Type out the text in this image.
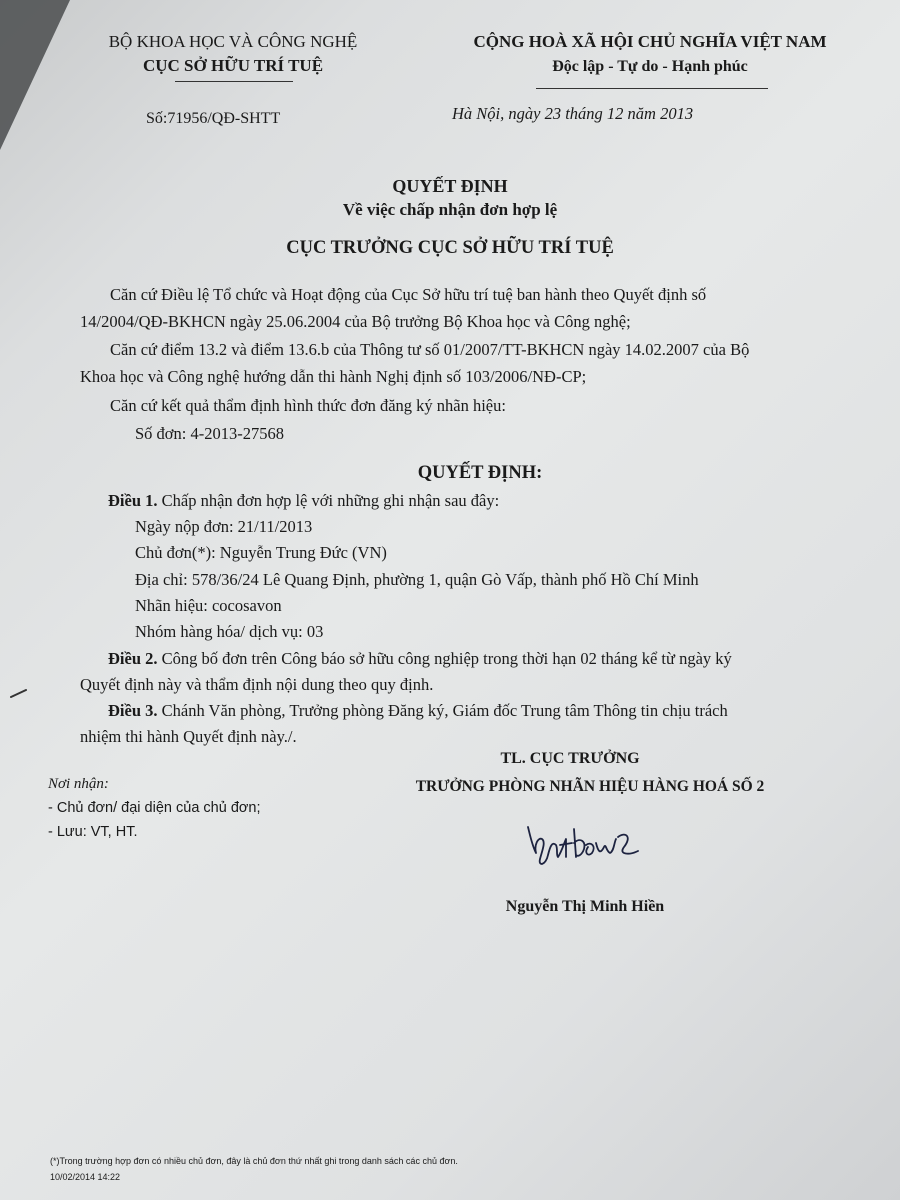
BỘ KHOA HỌC VÀ CÔNG NGHỆ
CỤC SỞ HỮU TRÍ TUỆ
Số:71956/QĐ-SHTT
CỘNG HOÀ XÃ HỘI CHỦ NGHĨA VIỆT NAM
Độc lập - Tự do - Hạnh phúc
Hà Nội, ngày 23 tháng 12 năm 2013
QUYẾT ĐỊNH
Về việc chấp nhận đơn hợp lệ
CỤC TRƯỞNG CỤC SỞ HỮU TRÍ TUỆ
Căn cứ Điều lệ Tổ chức và Hoạt động của Cục Sở hữu trí tuệ ban hành theo Quyết định số
14/2004/QĐ-BKHCN ngày 25.06.2004 của Bộ trưởng Bộ Khoa học và Công nghệ;
Căn cứ điểm 13.2 và điểm 13.6.b của Thông tư số 01/2007/TT-BKHCN ngày 14.02.2007 của Bộ
Khoa học và Công nghệ hướng dẫn thi hành Nghị định số 103/2006/NĐ-CP;
Căn cứ kết quả thẩm định hình thức đơn đăng ký nhãn hiệu:
Số đơn: 4-2013-27568
QUYẾT ĐỊNH:
Điều 1. Chấp nhận đơn hợp lệ với những ghi nhận sau đây:
Ngày nộp đơn: 21/11/2013
Chủ đơn(*): Nguyễn Trung Đức (VN)
Địa chỉ: 578/36/24 Lê Quang Định, phường 1, quận Gò Vấp, thành phố Hồ Chí Minh
Nhãn hiệu: cocosavon
Nhóm hàng hóa/ dịch vụ: 03
Điều 2. Công bố đơn trên Công báo sở hữu công nghiệp trong thời hạn 02 tháng kể từ ngày ký
Quyết định này và thẩm định nội dung theo quy định.
Điều 3. Chánh Văn phòng, Trưởng phòng Đăng ký, Giám đốc Trung tâm Thông tin chịu trách
nhiệm thi hành Quyết định này./.
Nơi nhận:
- Chủ đơn/ đại diện của chủ đơn;
- Lưu: VT, HT.
TL. CỤC TRƯỞNG
TRƯỞNG PHÒNG NHÃN HIỆU HÀNG HOÁ SỐ 2
Nguyễn Thị Minh Hiền
(*)Trong trường hợp đơn có nhiều chủ đơn, đây là chủ đơn thứ nhất ghi trong danh sách các chủ đơn.
10/02/2014 14:22
